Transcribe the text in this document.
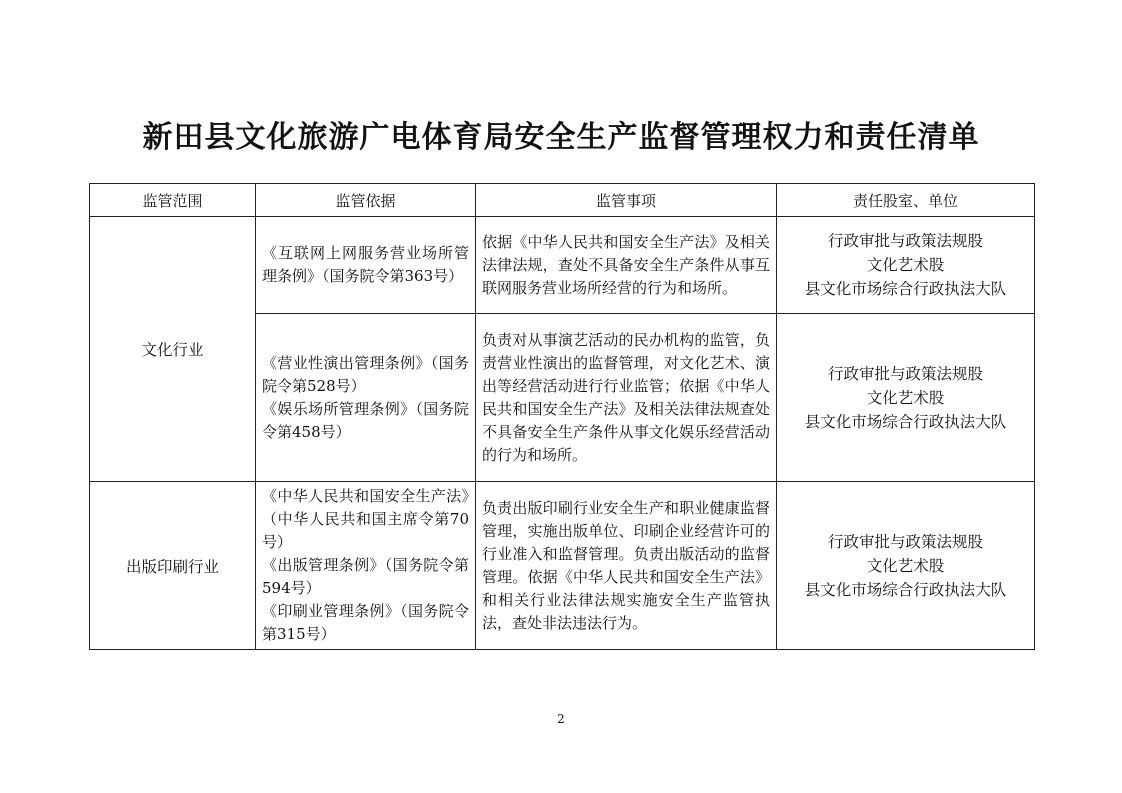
新田县文化旅游广电体育局安全生产监督管理权力和责任清单
监管范围	监管依据	监管事项	责任股室、单位
文化行业	《互联网上网服务营业场所管理条例》（国务院令第363号）	依据《中华人民共和国安全生产法》及相关法律法规，查处不具备安全生产条件从事互联网服务营业场所经营的行为和场所。	行政审批与政策法规股
文化艺术股
县文化市场综合行政执法大队

	《营业性演出管理条例》（国务院令第528号）
《娱乐场所管理条例》（国务院令第458号）	负责对从事演艺活动的民办机构的监管，负责营业性演出的监督管理，对文化艺术、演出等经营活动进行行业监管；依据《中华人民共和国安全生产法》及相关法律法规查处不具备安全生产条件从事文化娱乐经营活动的行为和场所。	行政审批与政策法规股
文化艺术股
县文化市场综合行政执法大队

出版印刷行业	《中华人民共和国安全生产法》（中华人民共和国主席令第70号）
《出版管理条例》（国务院令第594号）
《印刷业管理条例》（国务院令第315号）	负责出版印刷行业安全生产和职业健康监督管理，实施出版单位、印刷企业经营许可的行业准入和监督管理。负责出版活动的监督管理。依据《中华人民共和国安全生产法》和相关行业法律法规实施安全生产监管执法，查处非法违法行为。	行政审批与政策法规股
文化艺术股
县文化市场综合行政执法大队
2
